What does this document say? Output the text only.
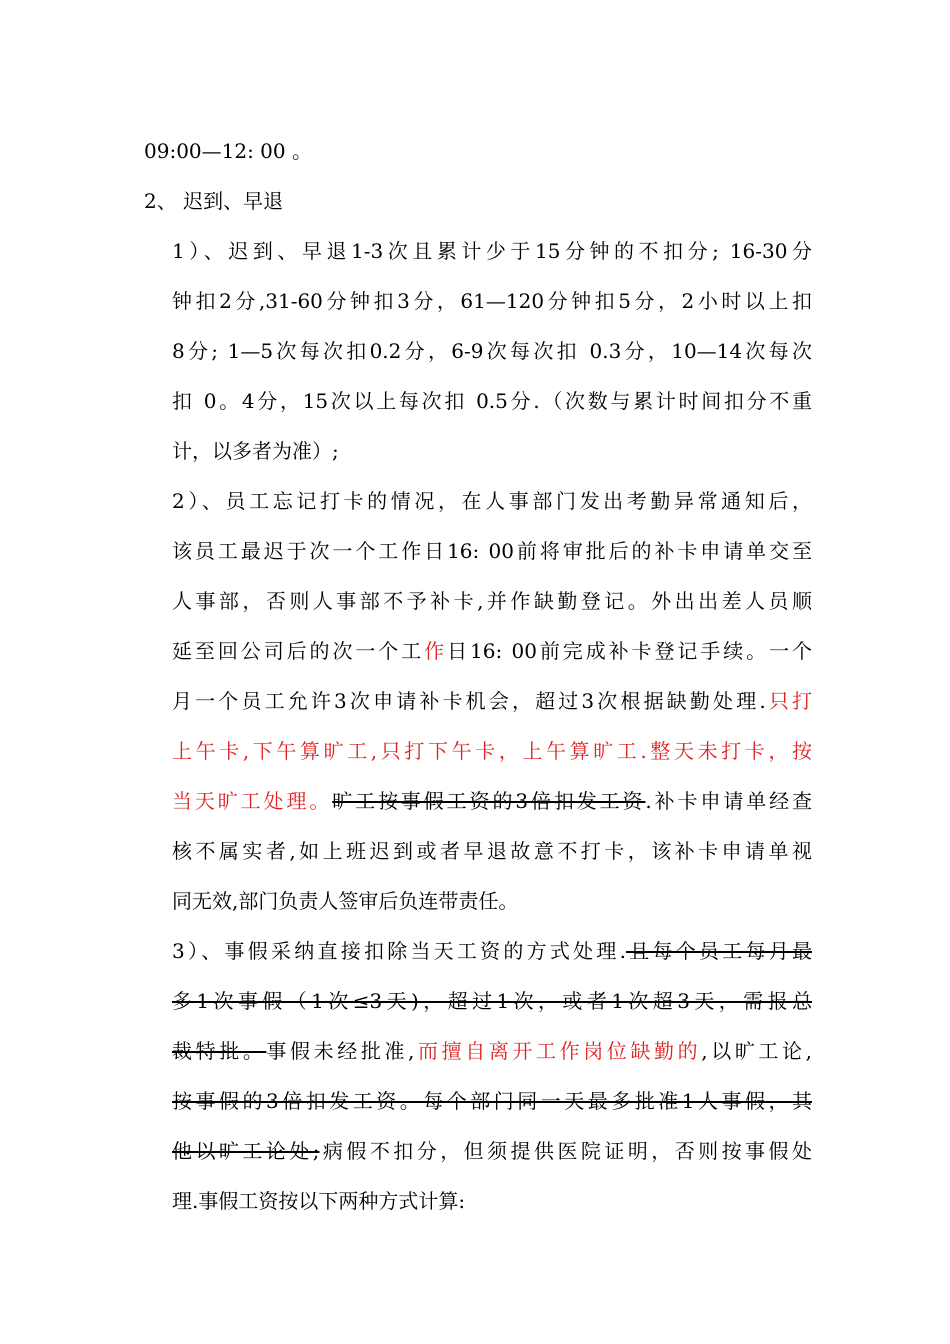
09:00—12: 00 。
2、 迟到、早退
1）、迟到、早退1-3次且累计少于15分钟的不扣分; 16-30分
钟扣2分,31-60分钟扣3分，61—120分钟扣5分，2小时以上扣
8分; 1—5次每次扣0.2分，6-9次每次扣 0.3分，10—14次每次
扣 0。4分，15次以上每次扣 0.5分.（次数与累计时间扣分不重
计，以多者为准）;
2）、员工忘记打卡的情况，在人事部门发出考勤异常通知后，
该员工最迟于次一个工作日16: 00前将审批后的补卡申请单交至
人事部，否则人事部不予补卡,并作缺勤登记。外出出差人员顺
延至回公司后的次一个工作日16: 00前完成补卡登记手续。一个
月一个员工允许3次申请补卡机会，超过3次根据缺勤处理.只打
上午卡,下午算旷工,只打下午卡，上午算旷工.整天未打卡，按
当天旷工处理。旷工按事假工资的3倍扣发工资.补卡申请单经查
核不属实者,如上班迟到或者早退故意不打卡，该补卡申请单视
同无效,部门负责人签审后负连带责任。
3）、事假采纳直接扣除当天工资的方式处理.且每个员工每月最
多1次事假（1次≤3天)，超过1次，或者1次超3天，需报总
裁特批。事假未经批准,而擅自离开工作岗位缺勤的,以旷工论,
按事假的3倍扣发工资。每个部门同一天最多批准1人事假，其
他以旷工论处;病假不扣分，但须提供医院证明，否则按事假处
理.事假工资按以下两种方式计算:
